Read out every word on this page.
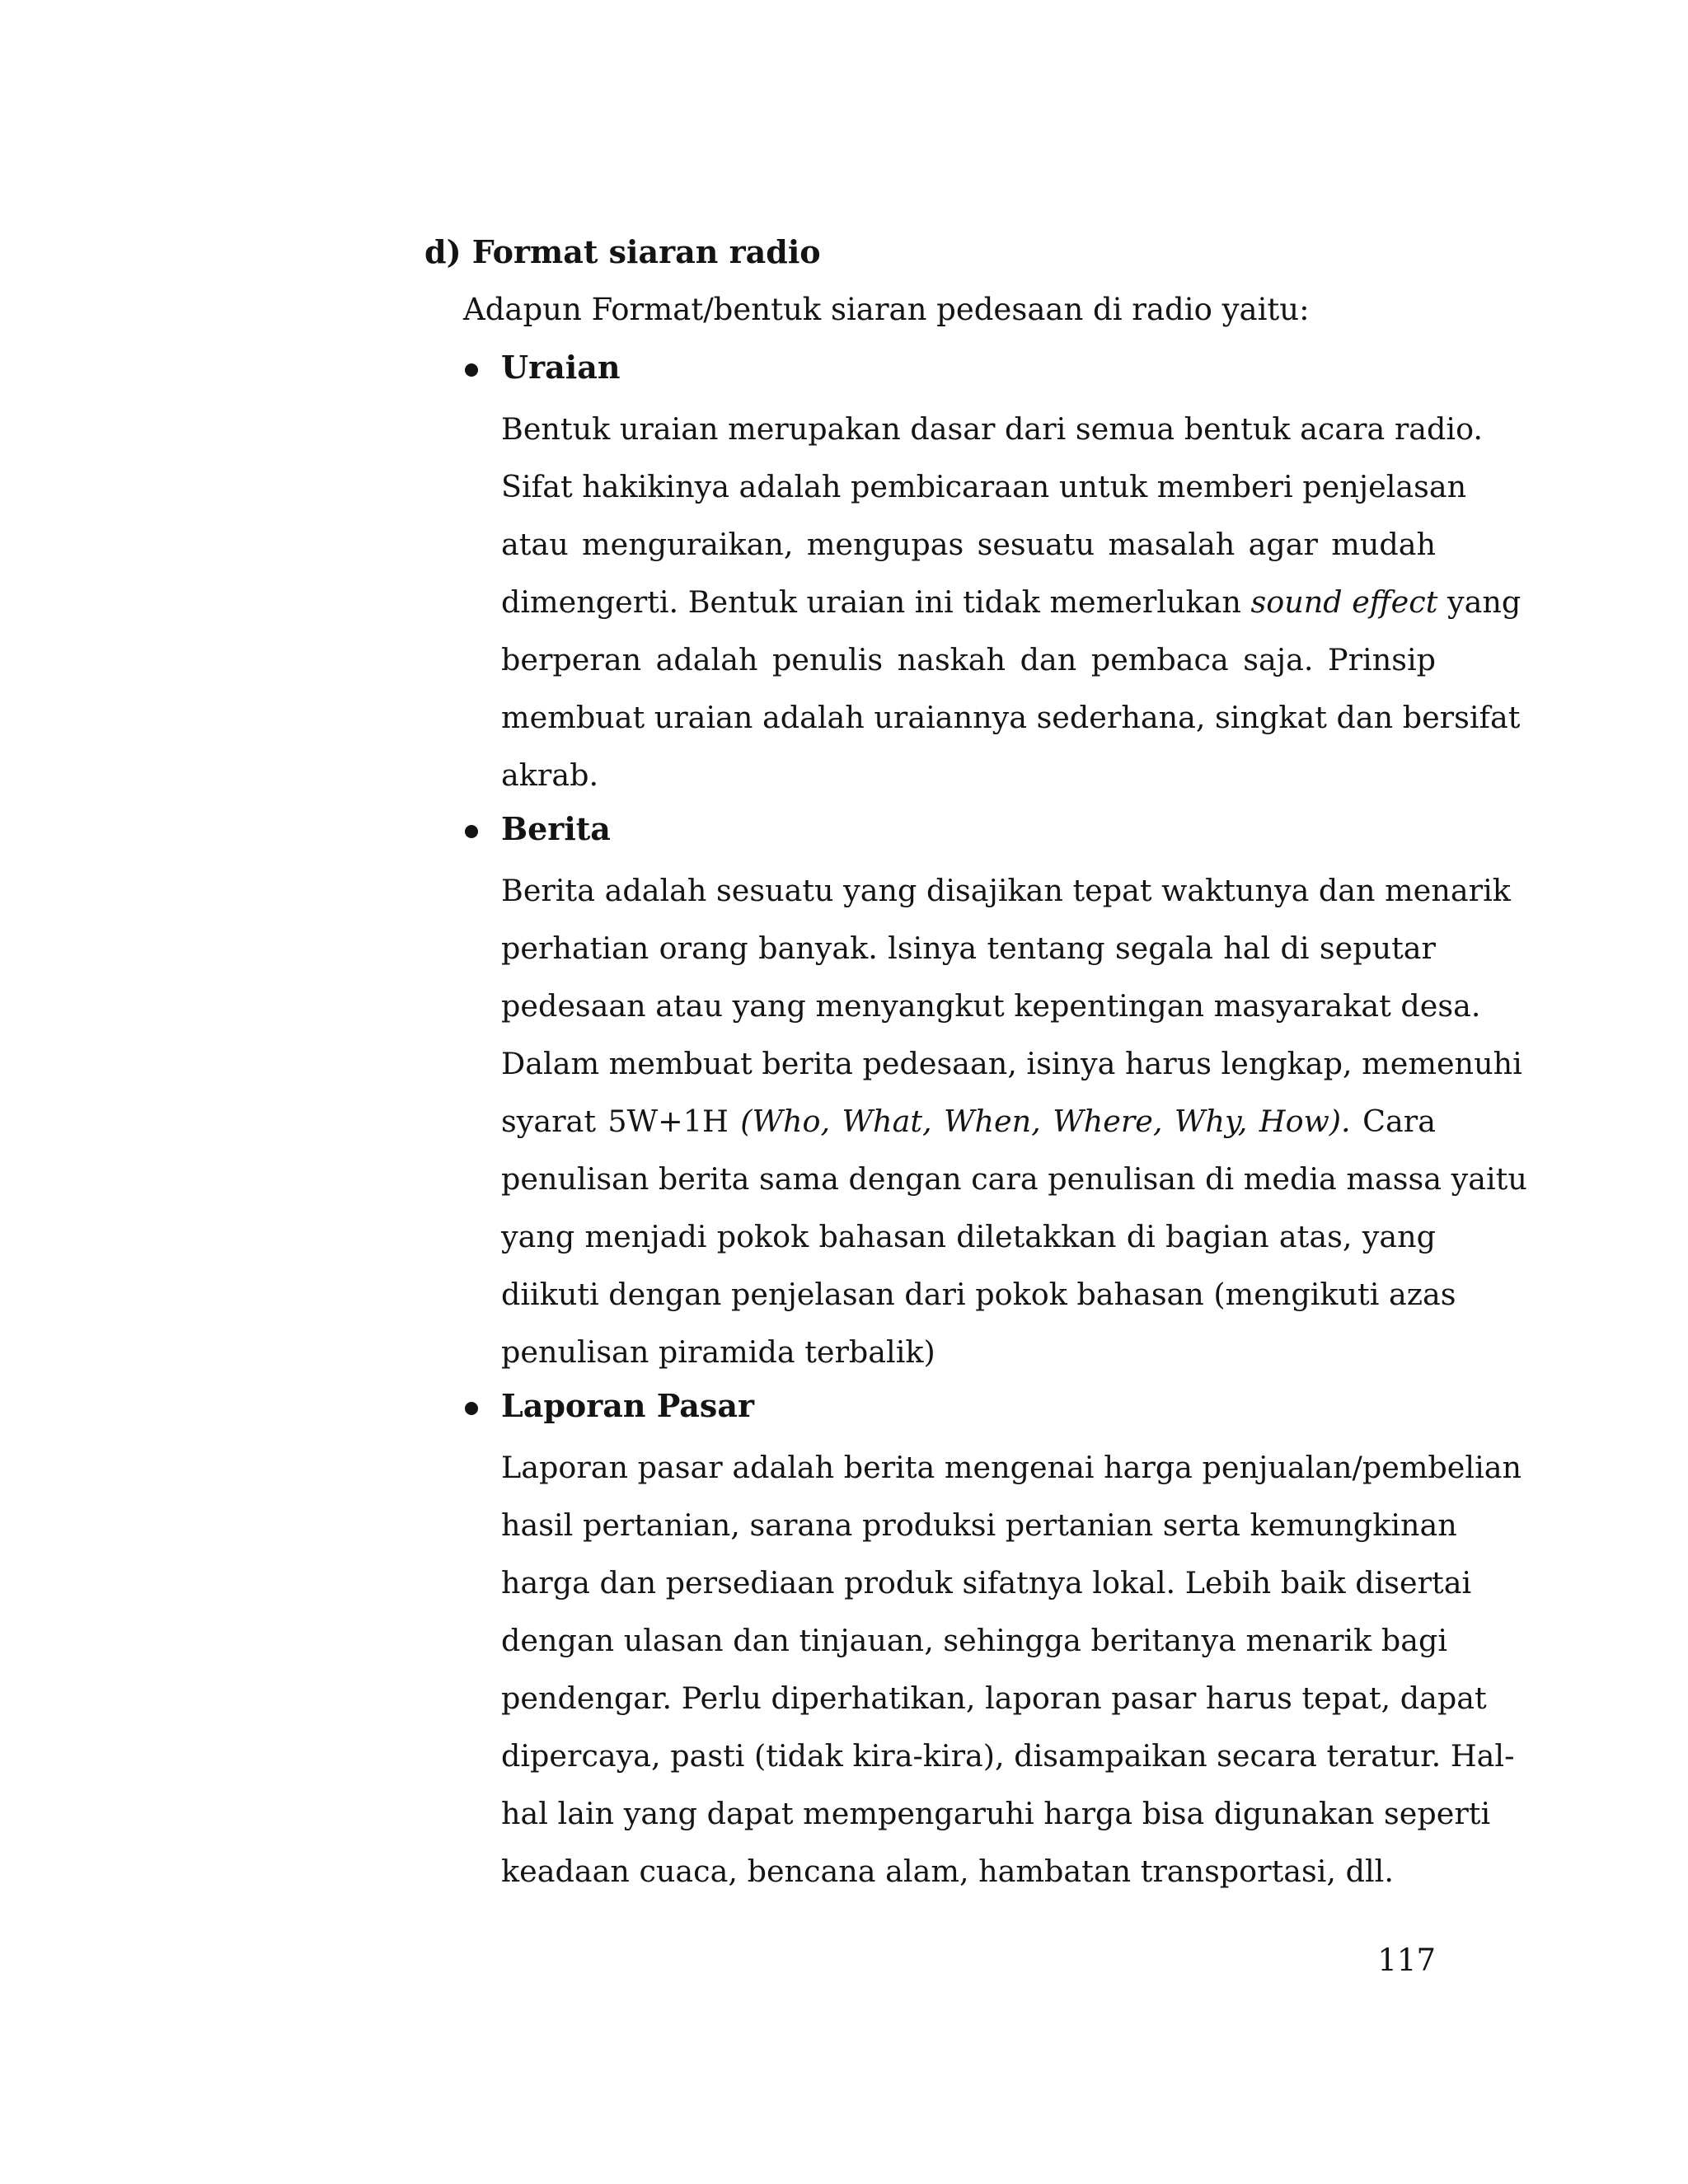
d) Format siaran radio

Adapun Format/bentuk siaran pedesaan di radio yaitu:

Uraian

Bentuk uraian merupakan dasar dari semua bentuk acara radio.
Sifat hakikinya adalah pembicaraan untuk memberi penjelasan
atau menguraikan, mengupas sesuatu masalah agar mudah
dimengerti. Bentuk uraian ini tidak memerlukan sound effect yang
berperan adalah penulis naskah dan pembaca saja. Prinsip
membuat uraian adalah uraiannya sederhana, singkat dan bersifat
akrab.

Berita

Berita adalah sesuatu yang disajikan tepat waktunya dan menarik
perhatian orang banyak. lsinya tentang segala hal di seputar
pedesaan atau yang menyangkut kepentingan masyarakat desa.
Dalam membuat berita pedesaan, isinya harus lengkap, memenuhi
syarat 5W+1H (Who, What, When, Where, Why, How). Cara
penulisan berita sama dengan cara penulisan di media massa yaitu
yang menjadi pokok bahasan diletakkan di bagian atas, yang
diikuti dengan penjelasan dari pokok bahasan (mengikuti azas
penulisan piramida terbalik)

Laporan Pasar

Laporan pasar adalah berita mengenai harga penjualan/pembelian
hasil pertanian, sarana produksi pertanian serta kemungkinan
harga dan persediaan produk sifatnya lokal. Lebih baik disertai
dengan ulasan dan tinjauan, sehingga beritanya menarik bagi
pendengar. Perlu diperhatikan, laporan pasar harus tepat, dapat
dipercaya, pasti (tidak kira-kira), disampaikan secara teratur. Hal-
hal lain yang dapat mempengaruhi harga bisa digunakan seperti
keadaan cuaca, bencana alam, hambatan transportasi, dll.

117
